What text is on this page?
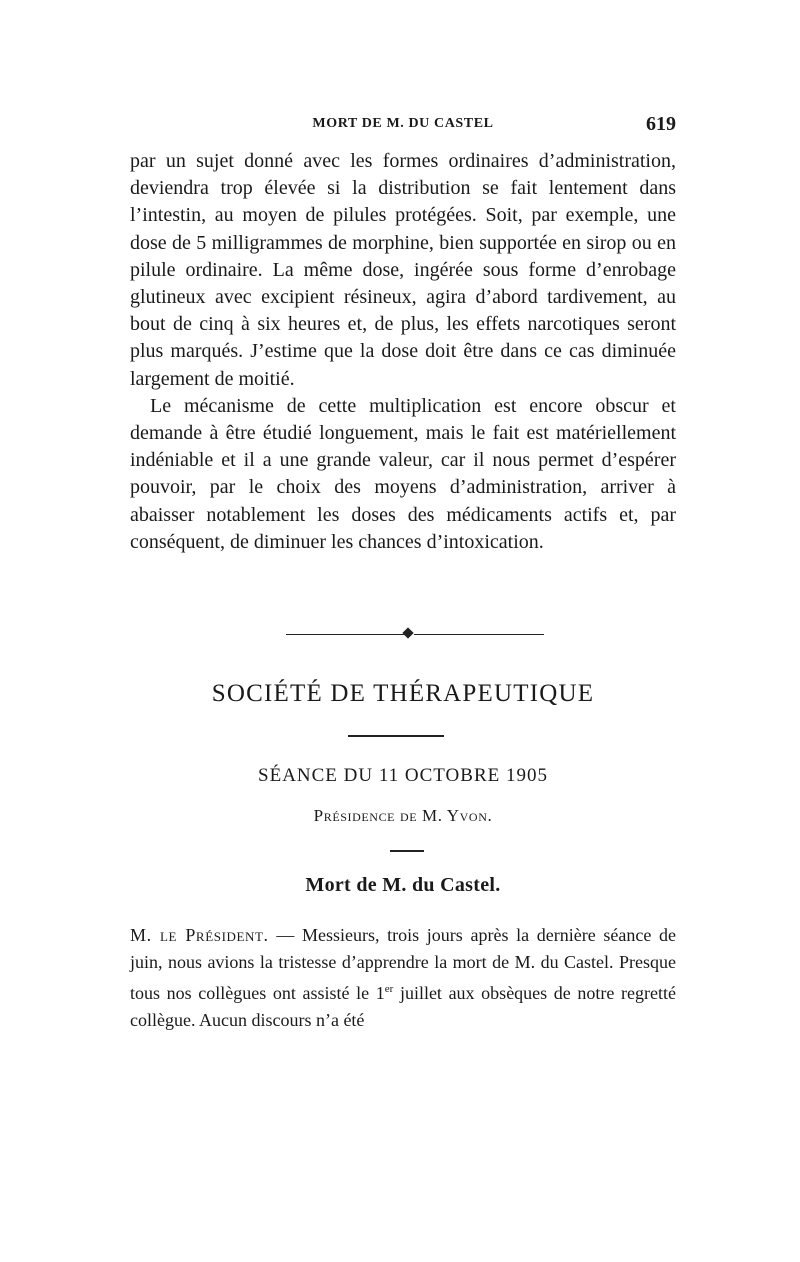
MORT DE M. DU CASTEL	619

par un sujet donné avec les formes ordinaires d’administration, deviendra trop élevée si la distribution se fait lentement dans l’intestin, au moyen de pilules protégées. Soit, par exemple, une dose de 5 milligrammes de morphine, bien supportée en sirop ou en pilule ordinaire. La même dose, ingérée sous forme d’enrobage glutineux avec excipient résineux, agira d’abord tardivement, au bout de cinq à six heures et, de plus, les effets narcotiques seront plus marqués. J’estime que la dose doit être dans ce cas diminuée largement de moitié.

Le mécanisme de cette multiplication est encore obscur et demande à être étudié longuement, mais le fait est matériellement indéniable et il a une grande valeur, car il nous permet d’espérer pouvoir, par le choix des moyens d’administration, arriver à abaisser notablement les doses des médicaments actifs et, par conséquent, de diminuer les chances d’intoxication.

SOCIÉTÉ DE THÉRAPEUTIQUE
SÉANCE DU 11 OCTOBRE 1905
Présidence de M. Yvon.
Mort de M. du Castel.

M. le Président. — Messieurs, trois jours après la dernière séance de juin, nous avions la tristesse d’apprendre la mort de M. du Castel. Presque tous nos collègues ont assisté le 1er juillet aux obsèques de notre regretté collègue. Aucun discours n’a été
